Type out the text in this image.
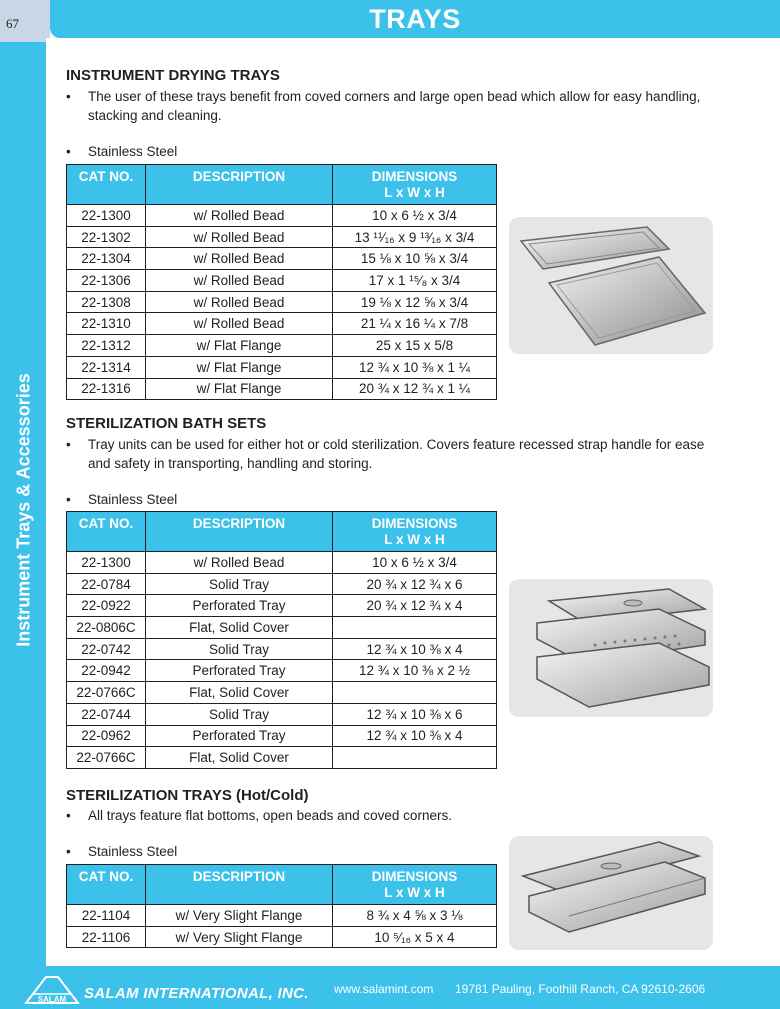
67	TRAYS
Instrument Trays & Accessories
INSTRUMENT DRYING TRAYS
•	The user of these trays benefit from coved corners and large open bead which allow for easy handling, stacking and cleaning.
•	Stainless Steel
CAT NO.	DESCRIPTION	DIMENSIONS
L x W x H

22-1300	w/ Rolled Bead	10 x 6 ½ x 3/4
22-1302	w/ Rolled Bead	13 ¹¹⁄₁₆ x 9 ¹³⁄₁₆ x 3/4
22-1304	w/ Rolled Bead	15 ⅛ x 10 ⅝ x 3/4
22-1306	w/ Rolled Bead	17 x 1 ¹⁵⁄₈ x 3/4
22-1308	w/ Rolled Bead	19 ⅛ x 12 ⅝ x 3/4
22-1310	w/ Rolled Bead	21 ¼ x 16 ¼ x 7/8
22-1312	w/ Flat Flange	25 x 15 x 5/8
22-1314	w/ Flat Flange	12 ¾ x 10 ⅜ x 1 ¼
22-1316	w/ Flat Flange	20 ¾ x 12 ¾ x 1 ¼
STERILIZATION BATH SETS
•	Tray units can be used for either hot or cold sterilization. Covers feature recessed strap handle for ease and safety in transporting, handling and storing.
•	Stainless Steel
CAT NO.	DESCRIPTION	DIMENSIONS
L x W x H

22-1300	w/ Rolled Bead	10 x 6 ½ x 3/4
22-0784	Solid Tray	20 ¾ x 12 ¾ x 6
22-0922	Perforated Tray	20 ¾ x 12 ¾ x 4
22-0806C	Flat, Solid Cover	
22-0742	Solid Tray	12 ¾ x 10 ⅜ x 4
22-0942	Perforated Tray	12 ¾ x 10 ⅜ x 2 ½
22-0766C	Flat, Solid Cover	
22-0744	Solid Tray	12 ¾ x 10 ⅜ x 6
22-0962	Perforated Tray	12 ¾ x 10 ⅜ x 4
22-0766C	Flat, Solid Cover	
STERILIZATION TRAYS (Hot/Cold)
•	All trays feature flat bottoms, open beads and coved corners.
•	Stainless Steel
CAT NO.	DESCRIPTION	DIMENSIONS
L x W x H

22-1104	w/ Very Slight Flange	8 ¾ x 4 ⅝ x 3 ⅛
22-1106	w/ Very Slight Flange	10 ⁵⁄₁₆ x 5 x 4
SALAM SALAM INTERNATIONAL, INC. www.salamint.com 19781 Pauling, Foothill Ranch, CA 92610-2606
